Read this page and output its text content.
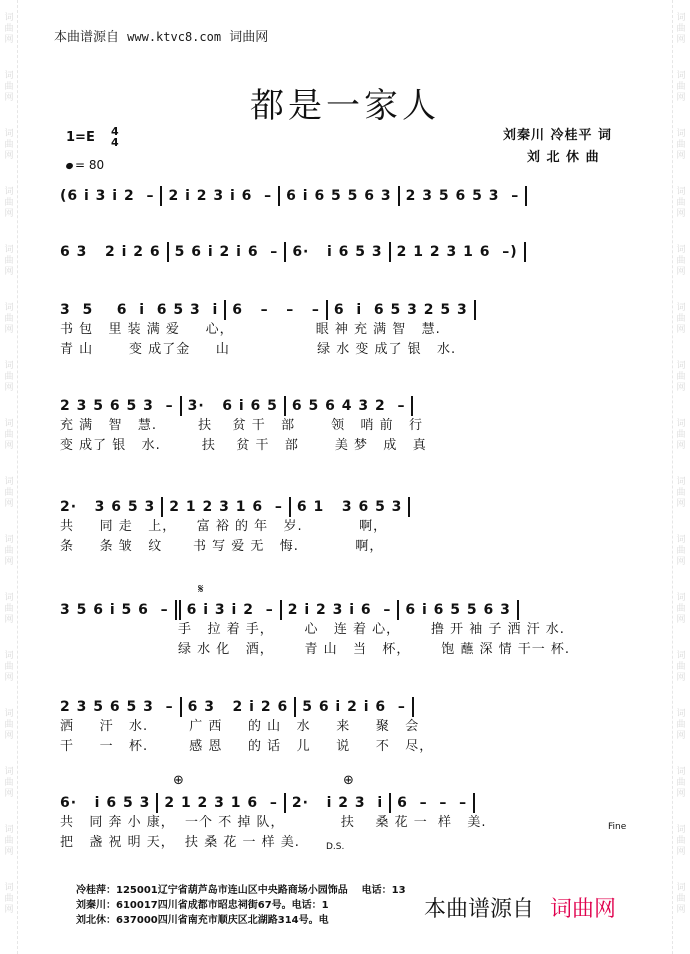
词
曲
网
词
曲
网
词
曲
网
词
曲
网
词
曲
网
词
曲
网
词
曲
网
词
曲
网
词
曲
网
词
曲
网
词
曲
网
词
曲
网
词
曲
网
词
曲
网
词
曲
网
词
曲
网
词
曲
网
词
曲
网
词
曲
网
词
曲
网
词
曲
网
词
曲
网
词
曲
网
词
曲
网
词
曲
网
词
曲
网
词
曲
网
词
曲
网
词
曲
网
词
曲
网
词
曲
网
词
曲
网
本曲谱源自 www.ktvc8.com 词曲网
都是一家人
1=E 4
4
= 80
刘秦川 冷桂平 词
刘 北 休 曲
(6 i 3 i 2  – 2 i 2 3 i 6  – 6 i 6 5 5 6 3 2 3 5 6 5 3  –
6 3   2 i 2 6 5 6 i 2 i 6  – 6·   i 6 5 3 2 1 2 3 1 6  –)
3  5    6  i  6 5 3  i 6   –   –   – 6  i  6 5 3 2 5 3
书 包   里 装 满 爱     心，                眼 神 充 满 智   慧.
青 山       变 成了金     山                 绿 水 变 成了 银   水.
2 3 5 6 5 3  – 3·   6 i 6 5 6 5 6 4 3 2  –
充 满   智   慧.        扶    贫 干   部       领   哨 前   行
变 成了 银   水.        扶    贫 干   部       美 梦   成   真
2·   3 6 5 3 2 1 2 3 1 6  – 6 1   3 6 5 3
共     同 走   上，    富 裕 的 年   岁.           啊，
条     条 皱   纹      书 写 爱 无   悔.           啊，
3 5 6 i 5 6  – 6 i 3 i 2  – 2 i 2 3 i 6  – 6 i 6 5 5 6 3
手   拉 着 手，      心   连 着 心，      撸 开 袖 子 洒 汗 水.
绿 水 化   酒，      青 山   当   杯，      饱 蘸 深 情 干一 杯.
2 3 5 6 5 3  – 6 3   2 i 2 6 5 6 i 2 i 6  –
洒     汗   水.        广 西     的 山   水     来     聚   会
干     一   杯.        感 恩     的 话   儿     说     不   尽，
6·   i 6 5 3 2 1 2 3 1 6  – 2·   i 2 3  i 6  –  –  –
共   同 奔 小 康，  一个 不 掉 队，           扶    桑 花 一  样   美.
把   盏 祝 明 天，  扶 桑 花 一 样 美.
𝄋
⊕	⊕
Fine
D.S.
冷桂萍：125001辽宁省葫芦岛市连山区中央路商场小园饰品    电话：13
刘秦川：610017四川省成都市昭忠祠街67号。电话：1
刘北休：637000四川省南充市顺庆区北湖路314号。电	本曲谱源自 词曲网
